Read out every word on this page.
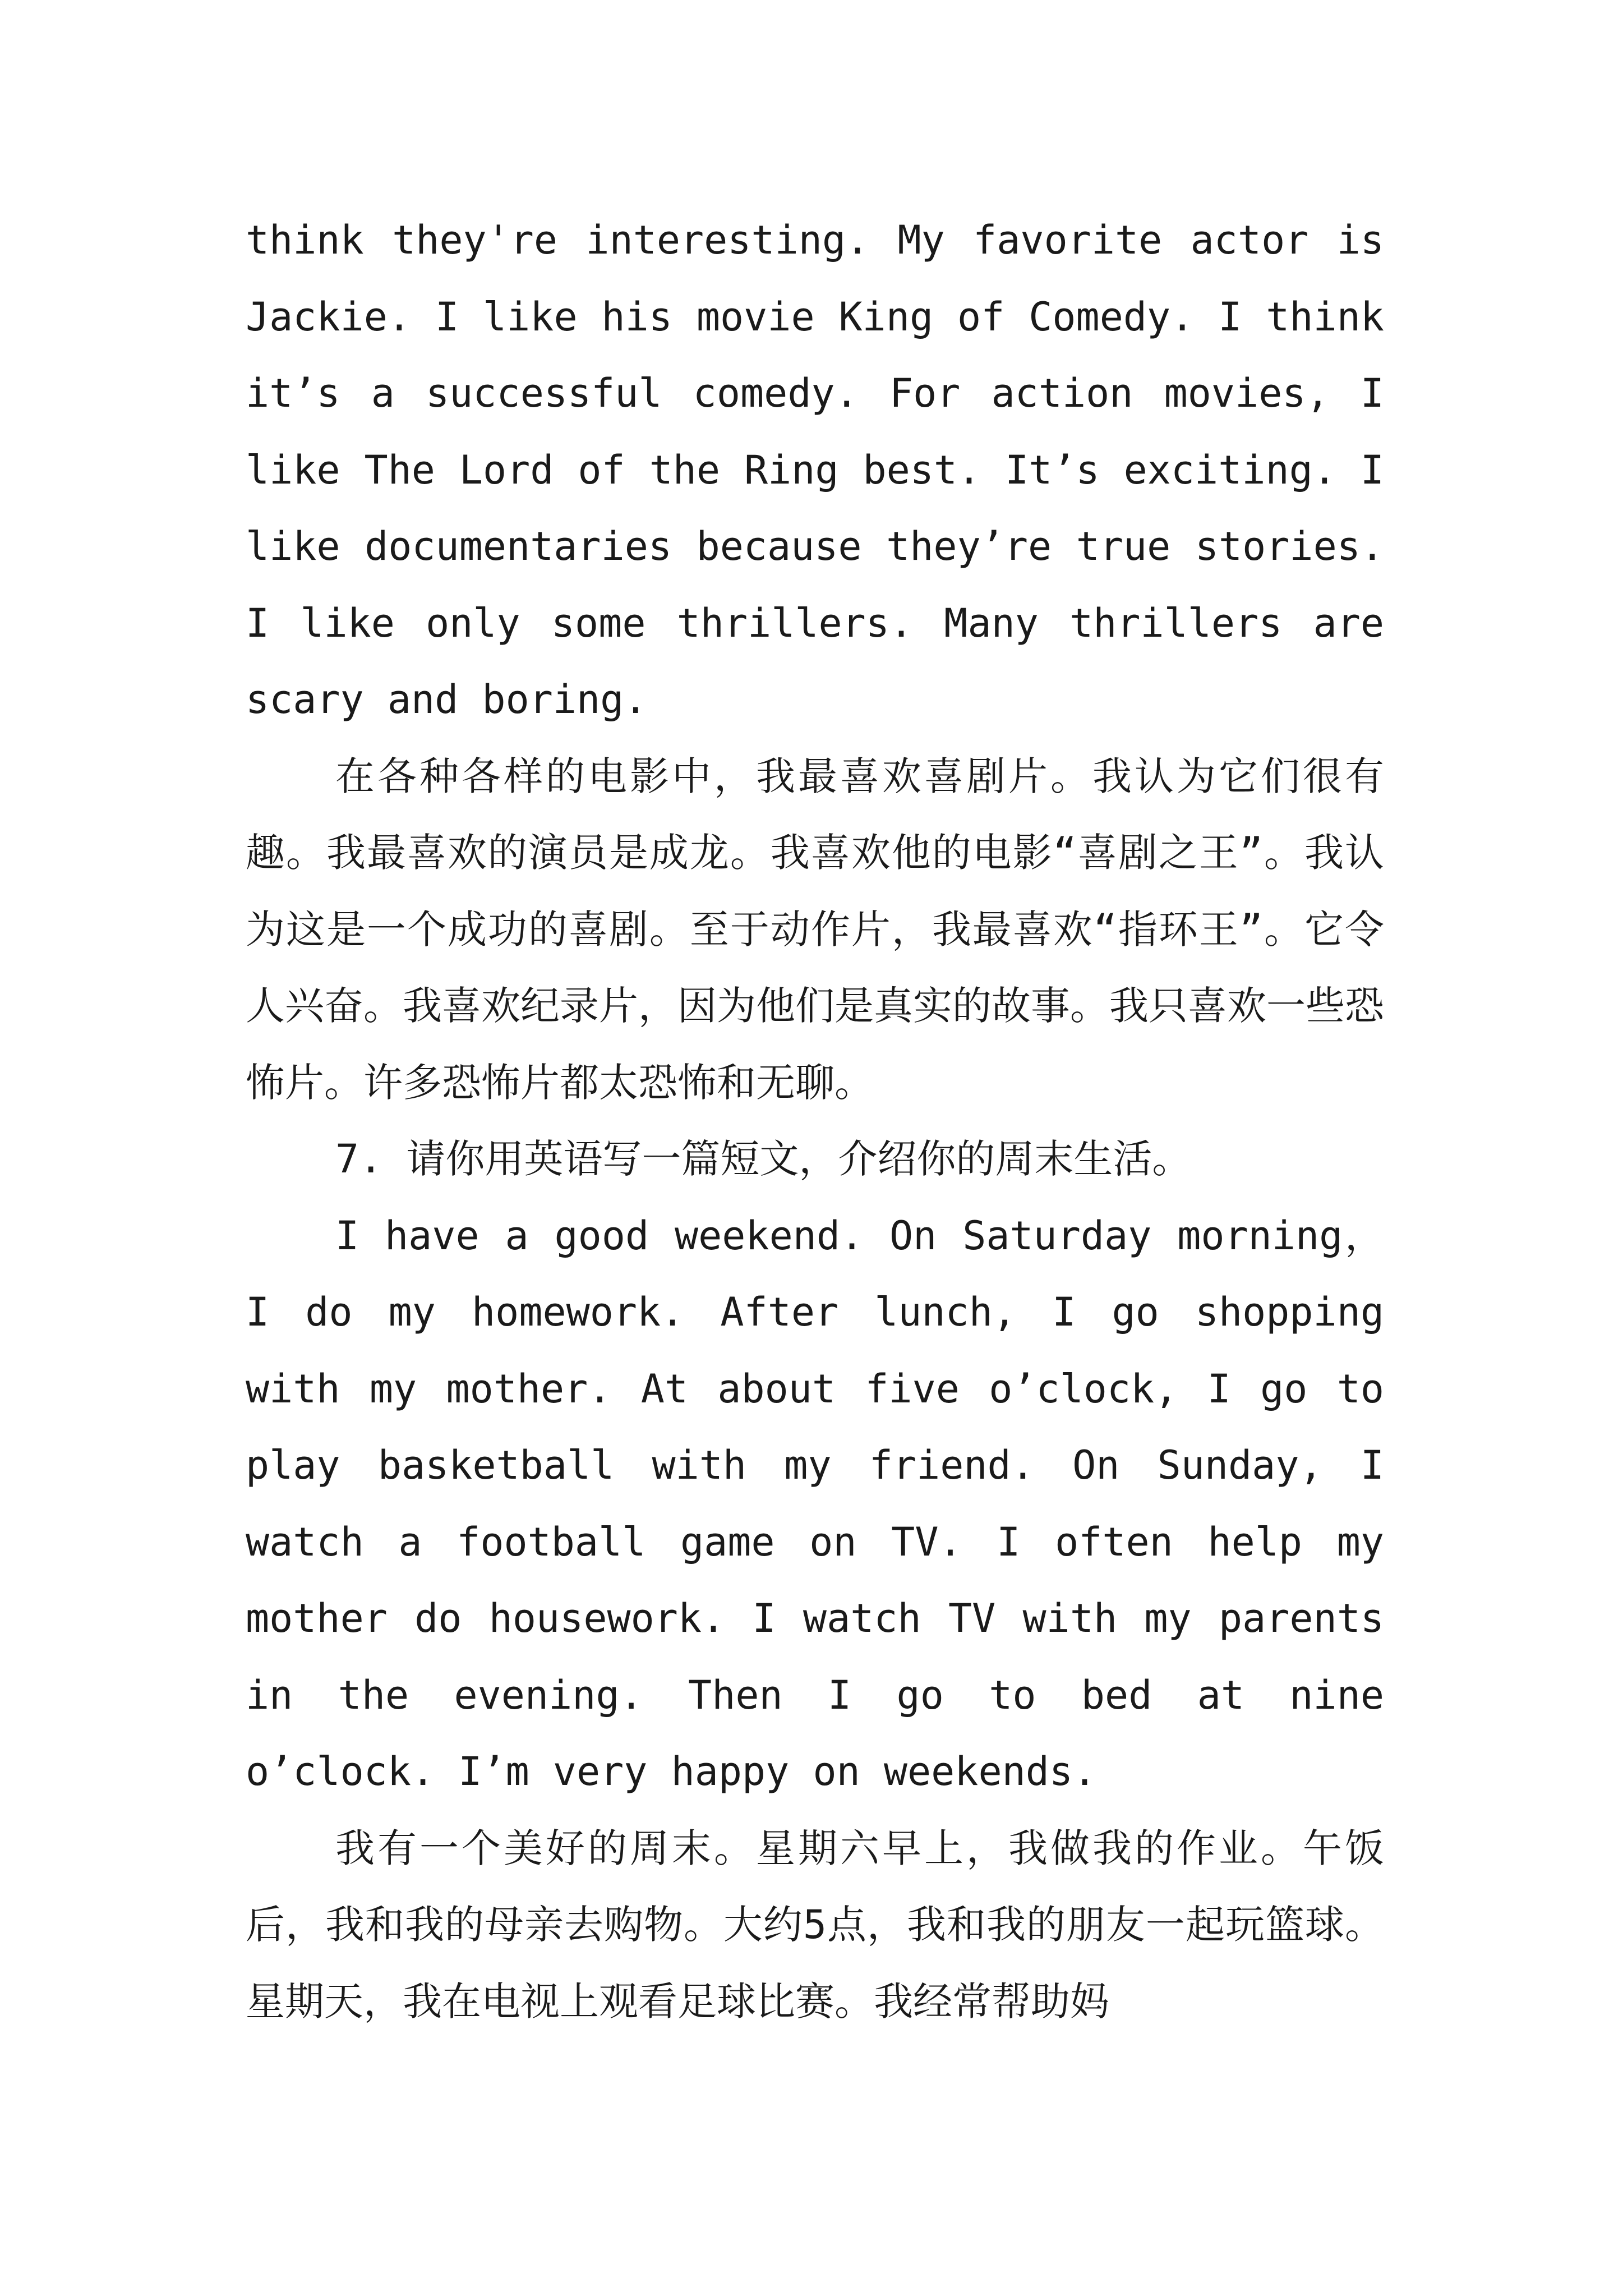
think they're interesting. My favorite actor is Jackie. I like his movie King of Comedy. I think it’s a successful comedy. For action movies, I like The Lord of the Ring best. It’s exciting. I like documentaries because they’re true stories. I like only some thrillers. Many thrillers are scary and boring.

在各种各样的电影中，我最喜欢喜剧片。我认为它们很有趣。我最喜欢的演员是成龙。我喜欢他的电影“喜剧之王”。我认为这是一个成功的喜剧。至于动作片，我最喜欢“指环王”。它令人兴奋。我喜欢纪录片，因为他们是真实的故事。我只喜欢一些恐怖片。许多恐怖片都太恐怖和无聊。

7. 请你用英语写一篇短文，介绍你的周末生活。

I have a good weekend. On Saturday morning，I do my homework. After lunch, I go shopping with my mother. At about five o’clock, I go to play basketball with my friend. On Sunday, I watch a football game on TV. I often help my mother do housework. I watch TV with my parents in the evening. Then I go to bed at nine o’clock. I’m very happy on weekends.

我有一个美好的周末。星期六早上，我做我的作业。午饭后，我和我的母亲去购物。大约5点，我和我的朋友一起玩篮球。星期天，我在电视上观看足球比赛。我经常帮助妈
